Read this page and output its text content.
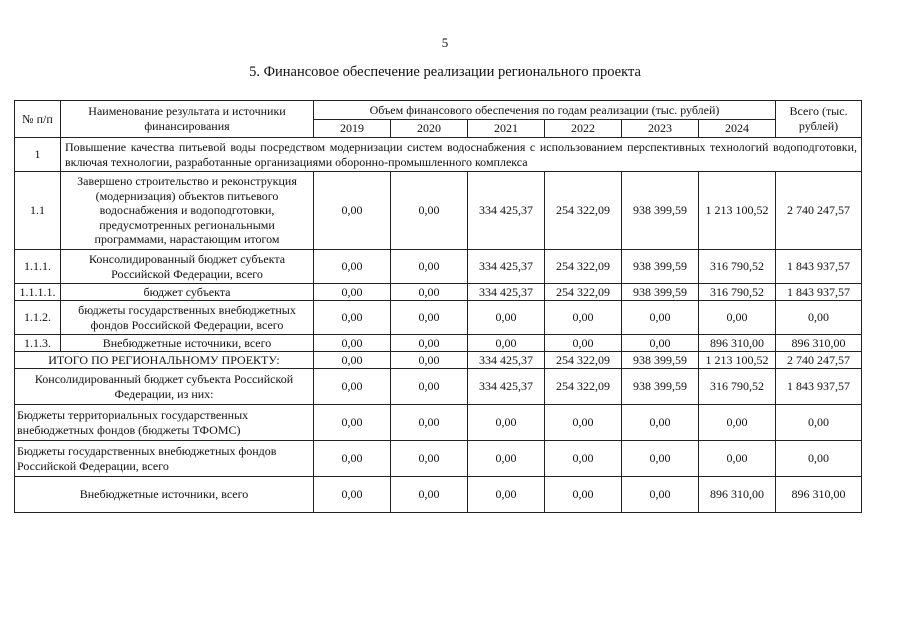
5
5. Финансовое обеспечение реализации регионального проекта
№ п/п	Наименование результата и источники финансирования	Объем финансового обеспечения по годам реализации (тыс. рублей)						Всего (тыс. рублей)
		2019	2020	2021	2022	2023	2024	
1	Повышение качества питьевой воды посредством модернизации систем водоснабжения с использованием перспективных технологий водоподготовки, включая технологии, разработанные организациями оборонно-промышленного комплекса							
1.1	Завершено строительство и реконструкция (модернизация) объектов питьевого водоснабжения и водоподготовки, предусмотренных региональными программами, нарастающим итогом	0,00	0,00	334 425,37	254 322,09	938 399,59	1 213 100,52	2 740 247,57
1.1.1.	Консолидированный бюджет субъекта Российской Федерации, всего	0,00	0,00	334 425,37	254 322,09	938 399,59	316 790,52	1 843 937,57
1.1.1.1.	бюджет субъекта	0,00	0,00	334 425,37	254 322,09	938 399,59	316 790,52	1 843 937,57
1.1.2.	бюджеты государственных внебюджетных фондов Российской Федерации, всего	0,00	0,00	0,00	0,00	0,00	0,00	0,00
1.1.3.	Внебюджетные источники, всего	0,00	0,00	0,00	0,00	0,00	896 310,00	896 310,00
ИТОГО ПО РЕГИОНАЛЬНОМУ ПРОЕКТУ:		0,00	0,00	334 425,37	254 322,09	938 399,59	1 213 100,52	2 740 247,57
Консолидированный бюджет субъекта Российской Федерации, из них:		0,00	0,00	334 425,37	254 322,09	938 399,59	316 790,52	1 843 937,57
Бюджеты территориальных государственных внебюджетных фондов (бюджеты ТФОМС)		0,00	0,00	0,00	0,00	0,00	0,00	0,00
Бюджеты государственных внебюджетных фондов Российской Федерации, всего		0,00	0,00	0,00	0,00	0,00	0,00	0,00
Внебюджетные источники, всего		0,00	0,00	0,00	0,00	0,00	896 310,00	896 310,00
